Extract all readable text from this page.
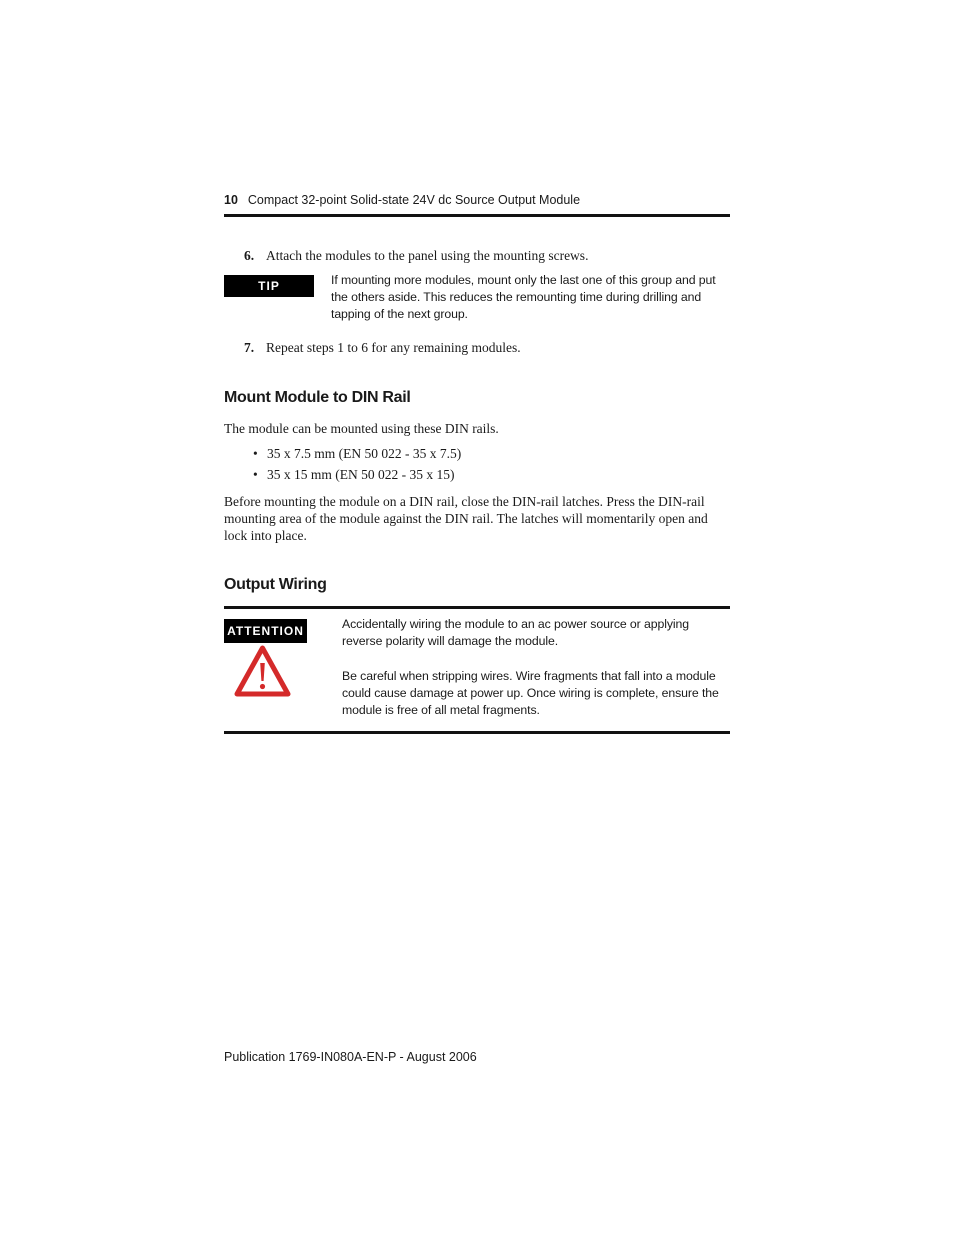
10 Compact 32-point Solid-state 24V dc Source Output Module
6. Attach the modules to the panel using the mounting screws.
TIP	If mounting more modules, mount only the last one of this group and put the others aside. This reduces the remounting time during drilling and tapping of the next group.
7. Repeat steps 1 to 6 for any remaining modules.
Mount Module to DIN Rail
The module can be mounted using these DIN rails.
• 35 x 7.5 mm (EN 50 022 - 35 x 7.5)
• 35 x 15 mm (EN 50 022 - 35 x 15)
Before mounting the module on a DIN rail, close the DIN-rail latches. Press the DIN-rail mounting area of the module against the DIN rail. The latches will momentarily open and lock into place.
Output Wiring
ATTENTION	Accidentally wiring the module to an ac power source or applying reverse polarity will damage the module.
Be careful when stripping wires. Wire fragments that fall into a module could cause damage at power up. Once wiring is complete, ensure the module is free of all metal fragments.
Publication 1769-IN080A-EN-P - August 2006
